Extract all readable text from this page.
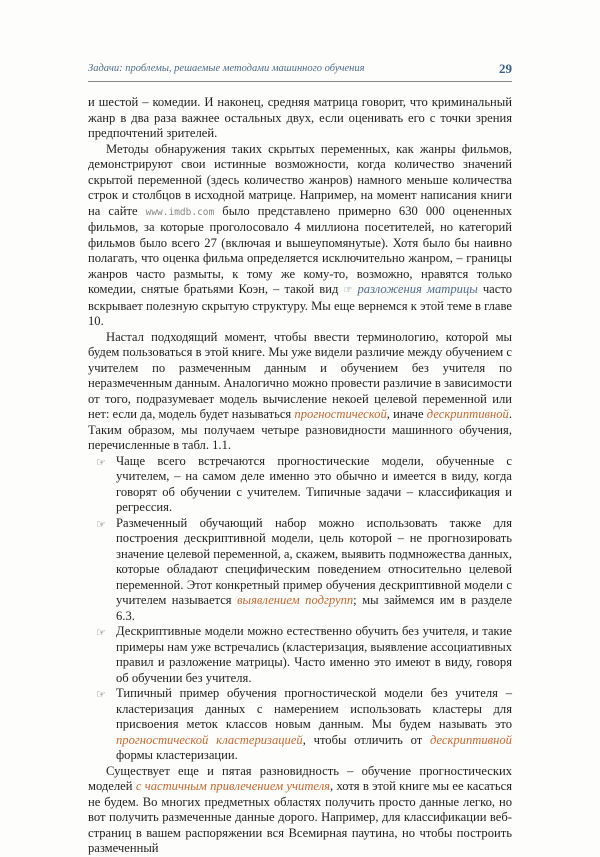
Задачи: проблемы, решаемые методами машинного обучения	29

и шестой – комедии. И наконец, средняя матрица говорит, что криминальный жанр в два раза важнее остальных двух, если оценивать его с точки зрения предпочтений зрителей.

Методы обнаружения таких скрытых переменных, как жанры фильмов, демонстрируют свои истинные возможности, когда количество значений скрытой переменной (здесь количество жанров) намного меньше количества строк и столбцов в исходной матрице. Например, на момент написания книги на сайте www.imdb.com было представлено примерно 630 000 оцененных фильмов, за которые проголосовало 4 миллиона посетителей, но категорий фильмов было всего 27 (включая и вышеупомянутые). Хотя было бы наивно полагать, что оценка фильма определяется исключительно жанром, – границы жанров часто размыты, к тому же кому-то, возможно, нравятся только комедии, снятые братьями Коэн, – такой вид ☞ разложения матрицы часто вскрывает полезную скрытую структуру. Мы еще вернемся к этой теме в главе 10.

Настал подходящий момент, чтобы ввести терминологию, которой мы будем пользоваться в этой книге. Мы уже видели различие между обучением с учителем по размеченным данным и обучением без учителя по неразмеченным данным. Аналогично можно провести различие в зависимости от того, подразумевает модель вычисление некоей целевой переменной или нет: если да, модель будет называться прогностической, иначе дескриптивной. Таким образом, мы получаем четыре разновидности машинного обучения, перечисленные в табл. 1.1.

☞ Чаще всего встречаются прогностические модели, обученные с учителем, – на самом деле именно это обычно и имеется в виду, когда говорят об обучении с учителем. Типичные задачи – классификация и регрессия.
☞ Размеченный обучающий набор можно использовать также для построения дескриптивной модели, цель которой – не прогнозировать значение целевой переменной, а, скажем, выявить подмножества данных, которые обладают специфическим поведением относительно целевой переменной. Этот конкретный пример обучения дескриптивной модели с учителем называется выявлением подгрупп; мы займемся им в разделе 6.3.
☞ Дескриптивные модели можно естественно обучить без учителя, и такие примеры нам уже встречались (кластеризация, выявление ассоциативных правил и разложение матрицы). Часто именно это имеют в виду, говоря об обучении без учителя.
☞ Типичный пример обучения прогностической модели без учителя – кластеризация данных с намерением использовать кластеры для присвоения меток классов новым данным. Мы будем называть это прогностической кластеризацией, чтобы отличить от дескриптивной формы кластеризации.

Существует еще и пятая разновидность – обучение прогностических моделей с частичным привлечением учителя, хотя в этой книге мы ее касаться не будем. Во многих предметных областях получить просто данные легко, но вот получить размеченные данные дорого. Например, для классификации веб-страниц в вашем распоряжении вся Всемирная паутина, но чтобы построить размеченный
